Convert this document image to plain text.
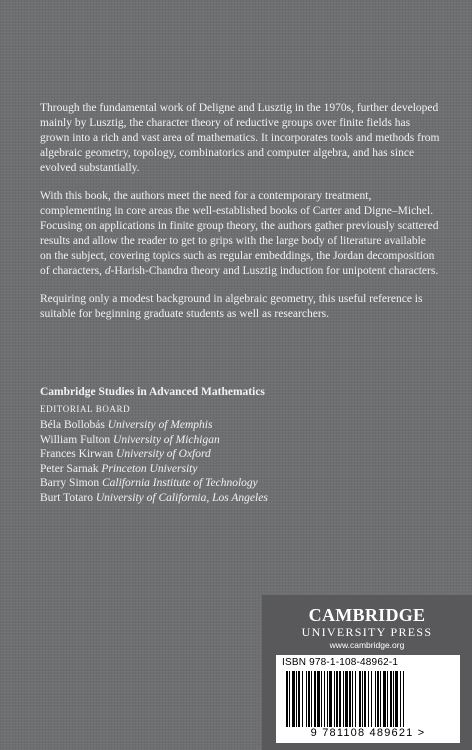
Through the fundamental work of Deligne and Lusztig in the 1970s, further developed mainly by Lusztig, the character theory of reductive groups over finite fields has grown into a rich and vast area of mathematics. It incorporates tools and methods from algebraic geometry, topology, combinatorics and computer algebra, and has since evolved substantially.

With this book, the authors meet the need for a contemporary treatment, complementing in core areas the well-established books of Carter and Digne–Michel. Focusing on applications in finite group theory, the authors gather previously scattered results and allow the reader to get to grips with the large body of literature available on the subject, covering topics such as regular embeddings, the Jordan decomposition of characters, d-Harish-Chandra theory and Lusztig induction for unipotent characters.

Requiring only a modest background in algebraic geometry, this useful reference is suitable for beginning graduate students as well as researchers.

Cambridge Studies in Advanced Mathematics
EDITORIAL BOARD
Béla Bollobás University of Memphis
William Fulton University of Michigan
Frances Kirwan University of Oxford
Peter Sarnak Princeton University
Barry Simon California Institute of Technology
Burt Totaro University of California, Los Angeles
CAMBRIDGE
UNIVERSITY PRESS
www.cambridge.org
ISBN 978-1-108-48962-1
9 781108 489621 >
